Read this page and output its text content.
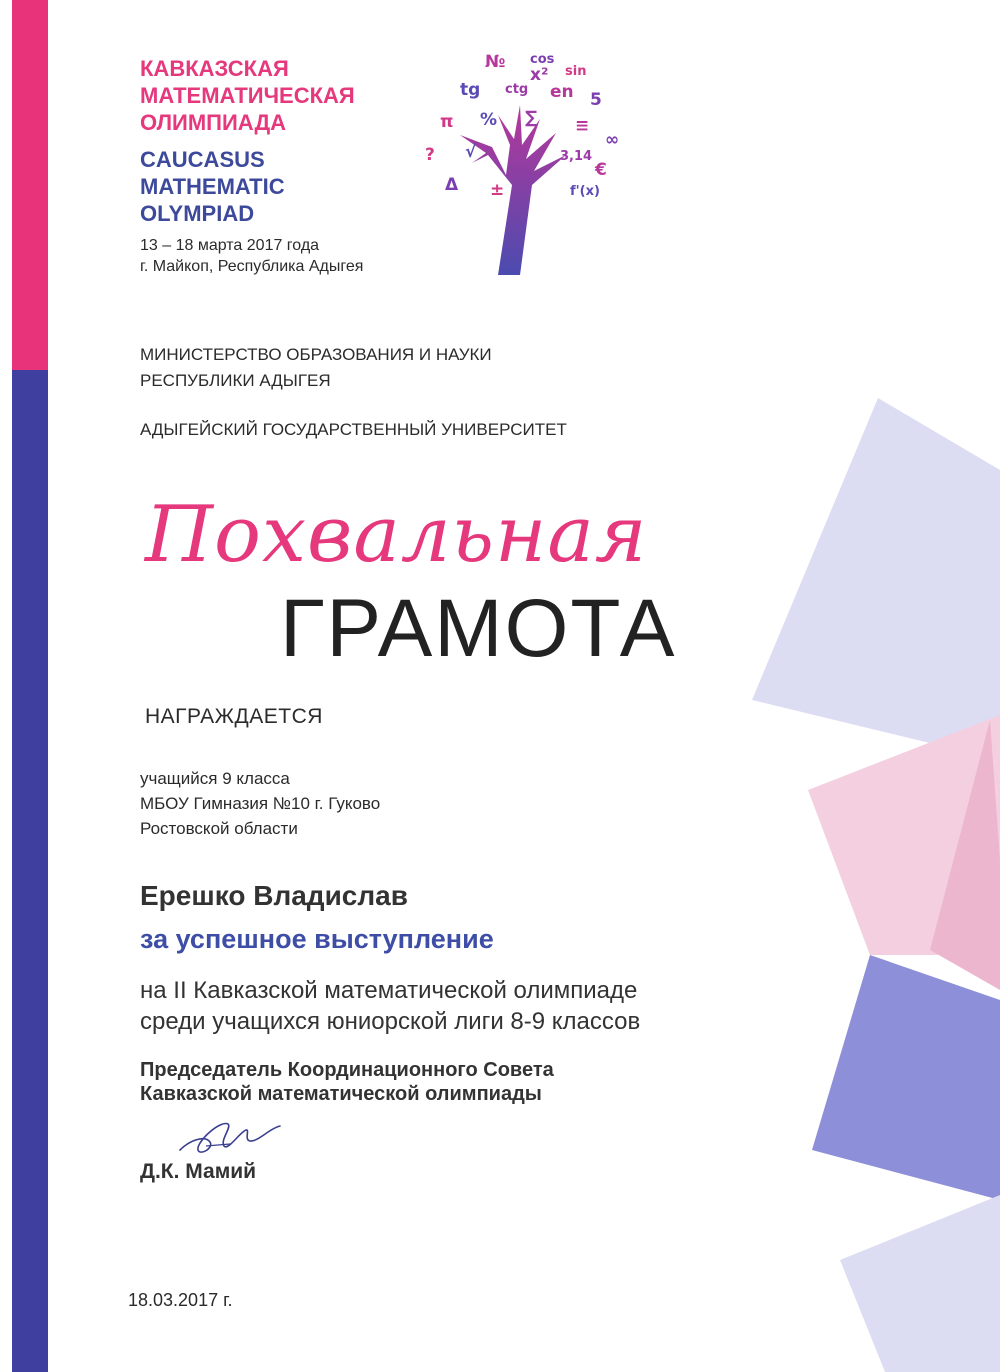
КАВКАЗСКАЯ
МАТЕМАТИЧЕСКАЯ
ОЛИМПИАДА
CAUCASUS
MATHEMATIC
OLYMPIAD
13 – 18 марта 2017 года
г. Майкоп, Республика Адыгея
№ cos
sin
tg ctg en 5
π % ∑ ≡
∞
? √	3,14
€
Δ ±	f'(x)
x²
МИНИСТЕРСТВО ОБРАЗОВАНИЯ И НАУКИ
РЕСПУБЛИКИ АДЫГЕЯ
АДЫГЕЙСКИЙ ГОСУДАРСТВЕННЫЙ УНИВЕРСИТЕТ
Похвальная
ГРАМОТА
НАГРАЖДАЕТСЯ
учащийся 9 класса
МБОУ Гимназия №10 г. Гуково
Ростовской области
Ерешко Владислав
за успешное выступление
на II Кавказской математической олимпиаде
среди учащихся юниорской лиги 8-9 классов
Председатель Координационного Совета
Кавказской математической олимпиады
Д.К. Мамий
18.03.2017 г.
